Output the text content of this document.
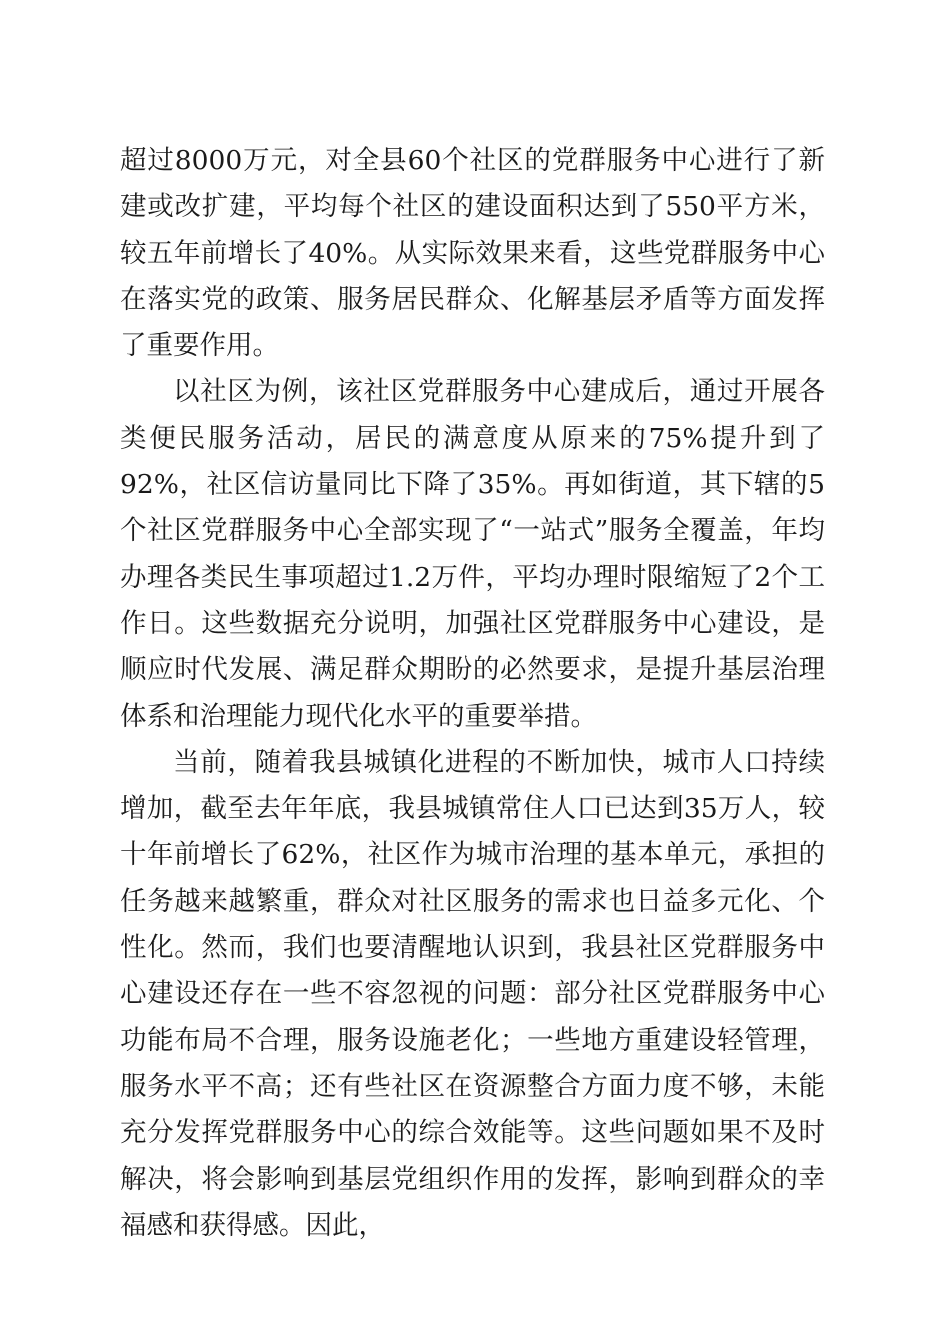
超过8000万元，对全县60个社区的党群服务中心进行了新建或改扩建，平均每个社区的建设面积达到了550平方米，较五年前增长了40%。从实际效果来看，这些党群服务中心在落实党的政策、服务居民群众、化解基层矛盾等方面发挥了重要作用。

以社区为例，该社区党群服务中心建成后，通过开展各类便民服务活动，居民的满意度从原来的75%提升到了92%，社区信访量同比下降了35%。再如街道，其下辖的5个社区党群服务中心全部实现了“一站式”服务全覆盖，年均办理各类民生事项超过1.2万件，平均办理时限缩短了2个工作日。这些数据充分说明，加强社区党群服务中心建设，是顺应时代发展、满足群众期盼的必然要求，是提升基层治理体系和治理能力现代化水平的重要举措。

当前，随着我县城镇化进程的不断加快，城市人口持续增加，截至去年年底，我县城镇常住人口已达到35万人，较十年前增长了62%，社区作为城市治理的基本单元，承担的任务越来越繁重，群众对社区服务的需求也日益多元化、个性化。然而，我们也要清醒地认识到，我县社区党群服务中心建设还存在一些不容忽视的问题：部分社区党群服务中心功能布局不合理，服务设施老化；一些地方重建设轻管理，服务水平不高；还有些社区在资源整合方面力度不够，未能充分发挥党群服务中心的综合效能等。这些问题如果不及时解决，将会影响到基层党组织作用的发挥，影响到群众的幸福感和获得感。因此，
